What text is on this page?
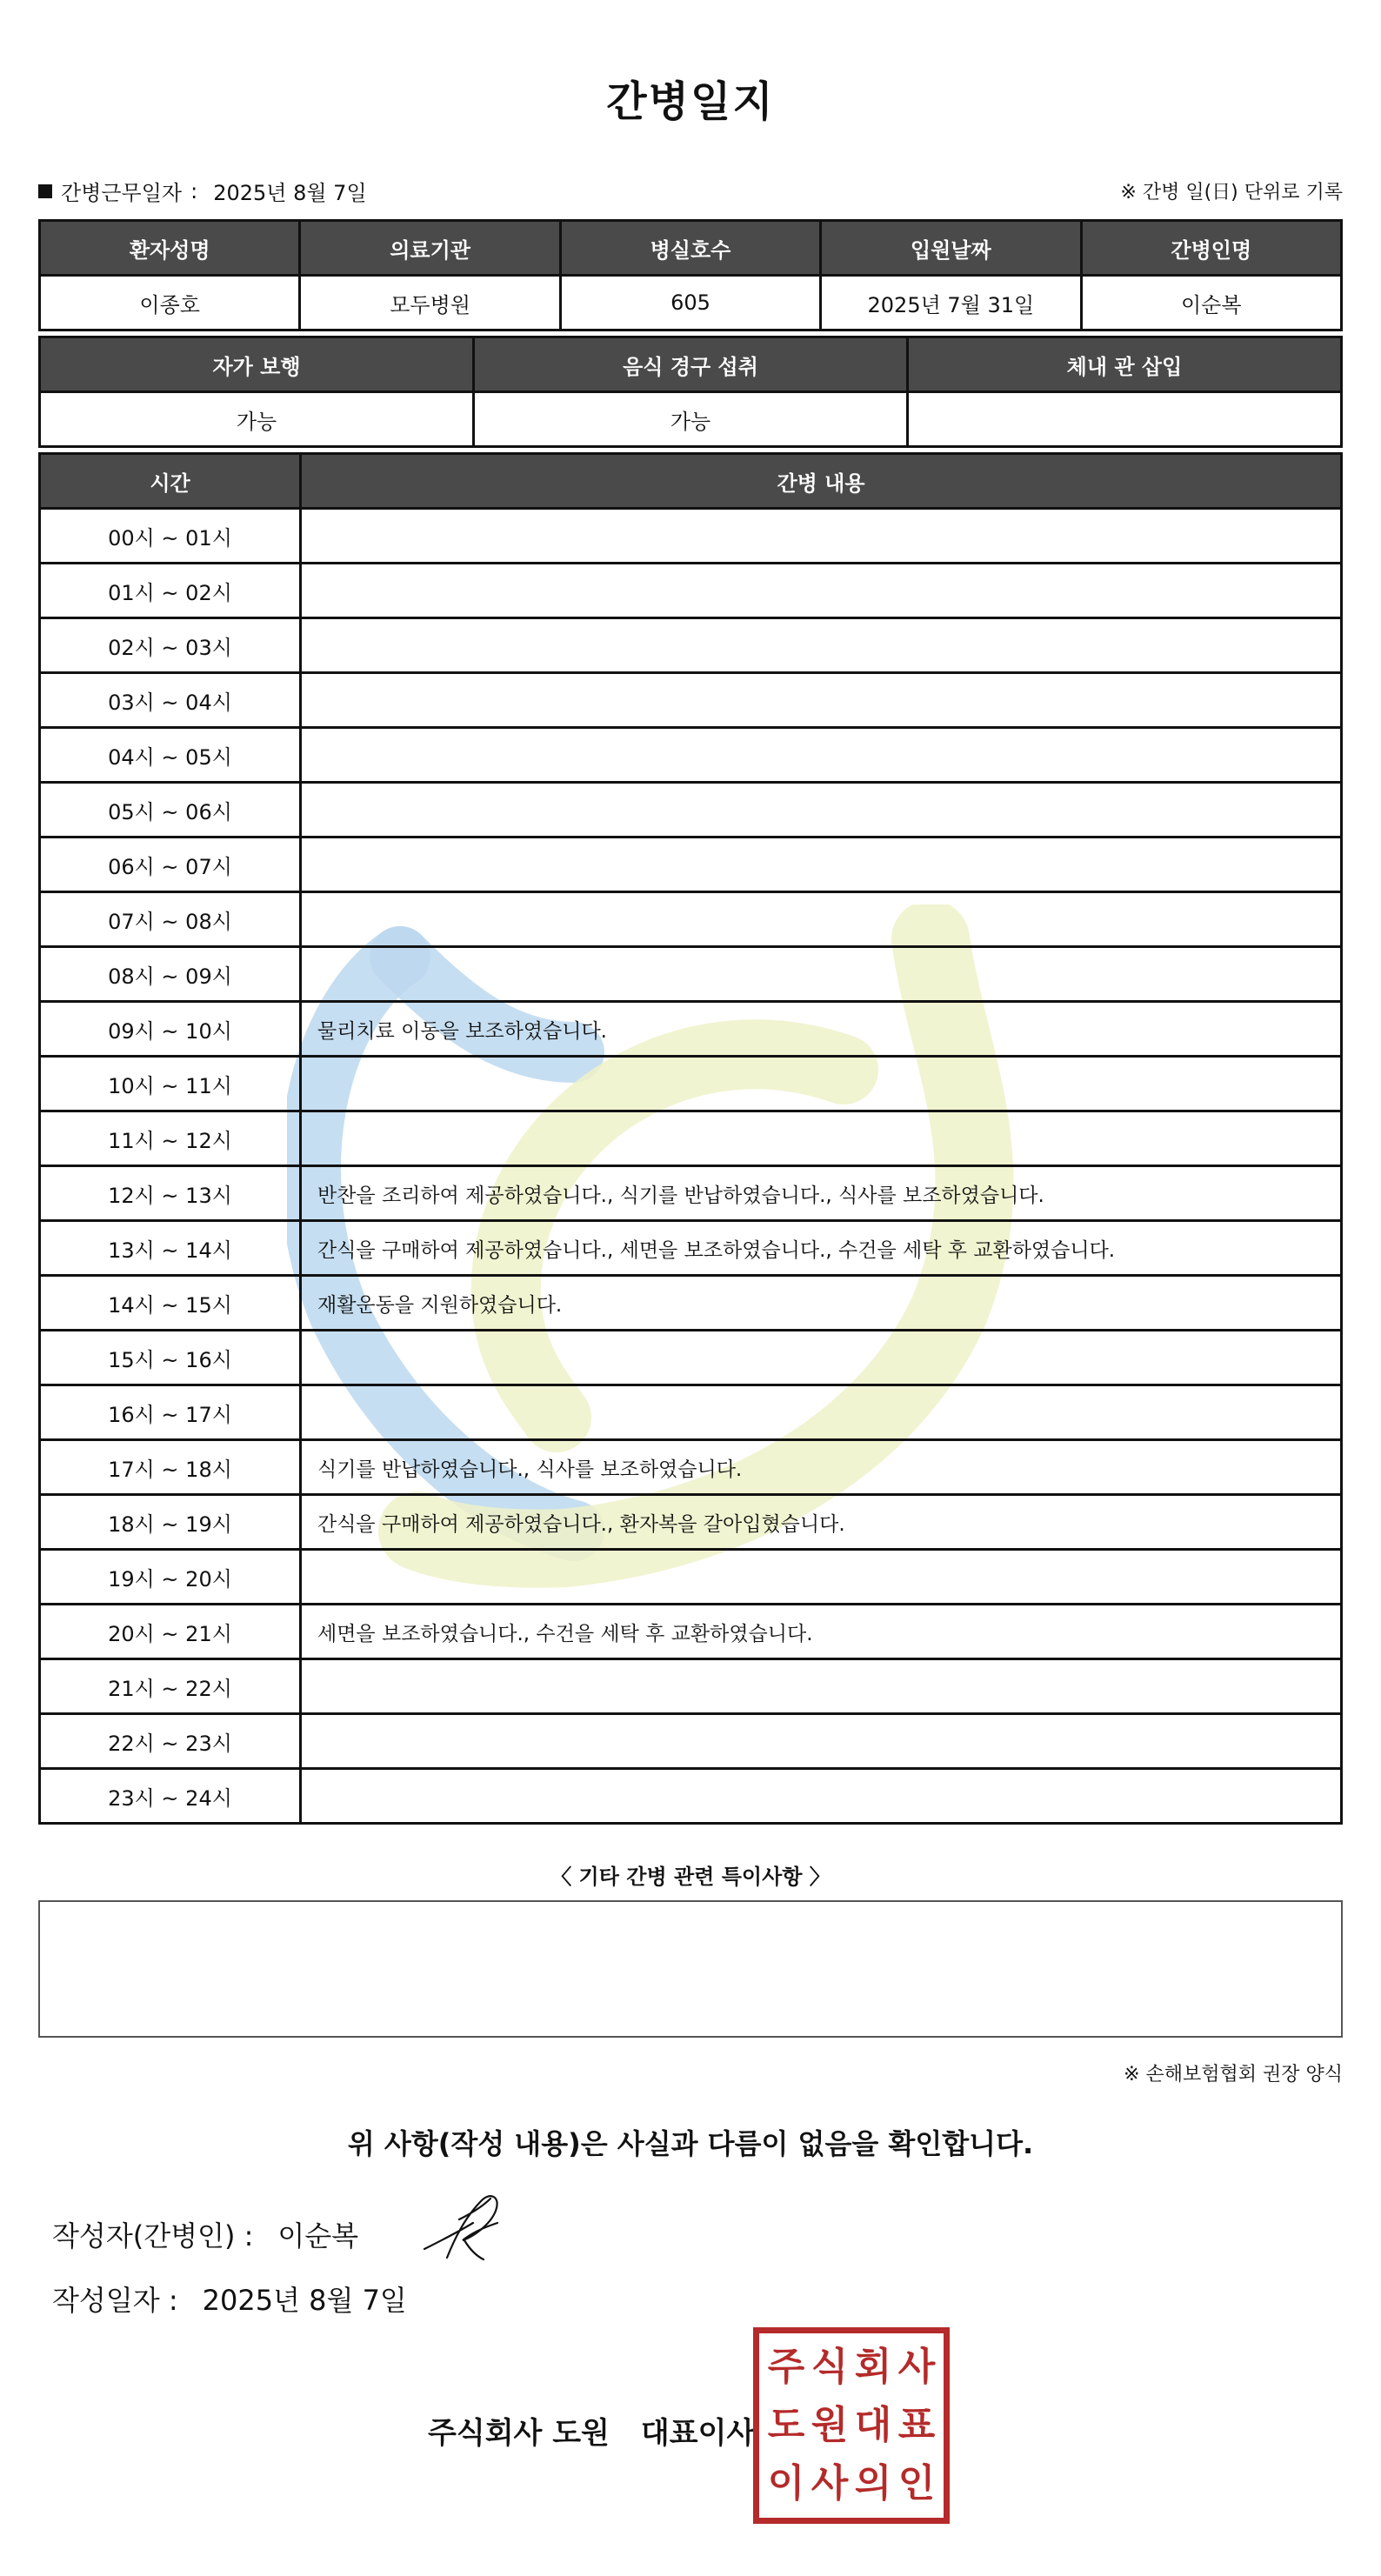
간병일지
간병근무일자 : 2025년 8월 7일	※ 간병 일(日) 단위로 기록
환자성명	의료기관	병실호수	입원날짜	간병인명
이종호	모두병원	605	2025년 7월 31일	이순복
자가 보행	음식 경구 섭취	체내 관 삽입
가능	가능	
시간	간병 내용
00시 ~ 01시	
01시 ~ 02시	
02시 ~ 03시	
03시 ~ 04시	
04시 ~ 05시	
05시 ~ 06시	
06시 ~ 07시	
07시 ~ 08시	
08시 ~ 09시	
09시 ~ 10시	물리치료 이동을 보조하였습니다.
10시 ~ 11시	
11시 ~ 12시	
12시 ~ 13시	반찬을 조리하여 제공하였습니다., 식기를 반납하였습니다., 식사를 보조하였습니다.
13시 ~ 14시	간식을 구매하여 제공하였습니다., 세면을 보조하였습니다., 수건을 세탁 후 교환하였습니다.
14시 ~ 15시	재활운동을 지원하였습니다.
15시 ~ 16시	
16시 ~ 17시	
17시 ~ 18시	식기를 반납하였습니다., 식사를 보조하였습니다.
18시 ~ 19시	간식을 구매하여 제공하였습니다., 환자복을 갈아입혔습니다.
19시 ~ 20시	
20시 ~ 21시	세면을 보조하였습니다., 수건을 세탁 후 교환하였습니다.
21시 ~ 22시	
22시 ~ 23시	
23시 ~ 24시	
〈 기타 간병 관련 특이사항 〉
※ 손해보험협회 권장 양식
위 사항(작성 내용)은 사실과 다름이 없음을 확인합니다.
작성자(간병인) : 이순복
작성일자 : 2025년 8월 7일
주식회사 도원 대표이사
주 식 회 사
도 원 대 표
이 사 의 인
